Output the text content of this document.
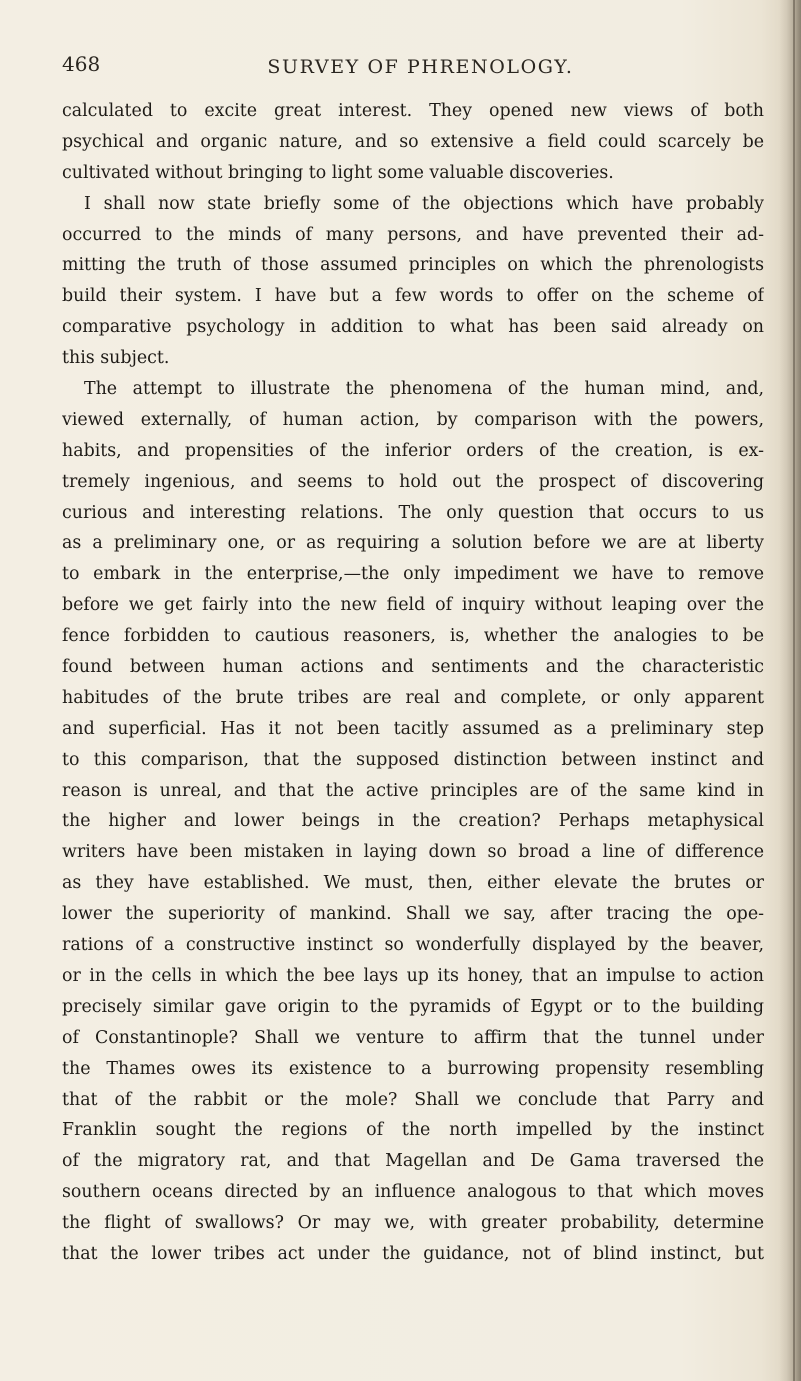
468	SURVEY OF PHRENOLOGY.
calculated to excite great interest. They opened new views of both
psychical and organic nature, and so extensive a field could scarcely be
cultivated without bringing to light some valuable discoveries.
I shall now state briefly some of the objections which have probably
occurred to the minds of many persons, and have prevented their ad-
mitting the truth of those assumed principles on which the phrenologists
build their system. I have but a few words to offer on the scheme of
comparative psychology in addition to what has been said already on
this subject.
The attempt to illustrate the phenomena of the human mind, and,
viewed externally, of human action, by comparison with the powers,
habits, and propensities of the inferior orders of the creation, is ex-
tremely ingenious, and seems to hold out the prospect of discovering
curious and interesting relations. The only question that occurs to us
as a preliminary one, or as requiring a solution before we are at liberty
to embark in the enterprise,—the only impediment we have to remove
before we get fairly into the new field of inquiry without leaping over the
fence forbidden to cautious reasoners, is, whether the analogies to be
found between human actions and sentiments and the characteristic
habitudes of the brute tribes are real and complete, or only apparent
and superficial. Has it not been tacitly assumed as a preliminary step
to this comparison, that the supposed distinction between instinct and
reason is unreal, and that the active principles are of the same kind in
the higher and lower beings in the creation? Perhaps metaphysical
writers have been mistaken in laying down so broad a line of difference
as they have established. We must, then, either elevate the brutes or
lower the superiority of mankind. Shall we say, after tracing the ope-
rations of a constructive instinct so wonderfully displayed by the beaver,
or in the cells in which the bee lays up its honey, that an impulse to action
precisely similar gave origin to the pyramids of Egypt or to the building
of Constantinople? Shall we venture to affirm that the tunnel under
the Thames owes its existence to a burrowing propensity resembling
that of the rabbit or the mole? Shall we conclude that Parry and
Franklin sought the regions of the north impelled by the instinct
of the migratory rat, and that Magellan and De Gama traversed the
southern oceans directed by an influence analogous to that which moves
the flight of swallows? Or may we, with greater probability, determine
that the lower tribes act under the guidance, not of blind instinct, but
